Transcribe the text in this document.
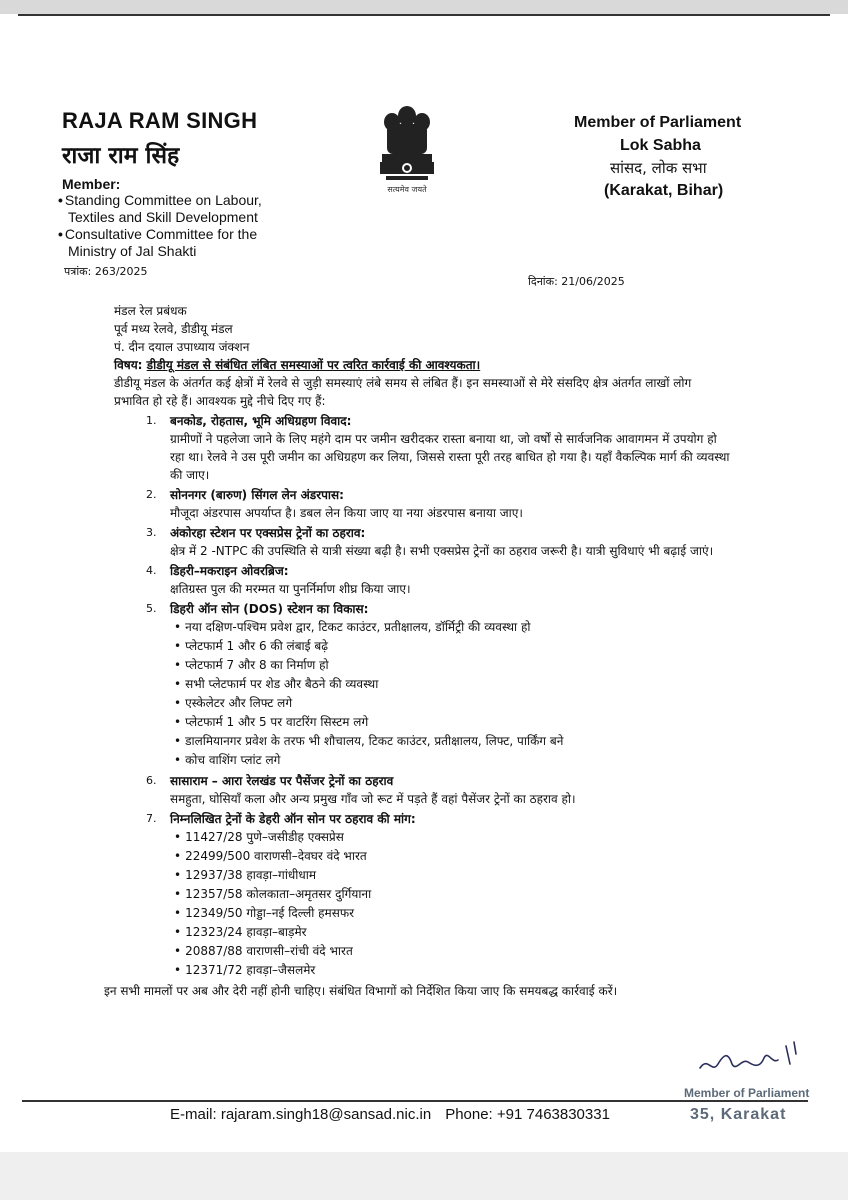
RAJA RAM SINGH
राजा राम सिंह
Member:
• Standing Committee on Labour,
Textiles and Skill Development
• Consultative Committee for the
Ministry of Jal Shakti
सत्यमेव जयते
Member of Parliament
Lok Sabha
सांसद, लोक सभा
(Karakat, Bihar)
पत्रांक: 263/2025
दिनांक: 21/06/2025
मंडल रेल प्रबंधक
पूर्व मध्य रेलवे, डीडीयू मंडल
पं. दीन दयाल उपाध्याय जंक्शन
विषय: डीडीयू मंडल से संबंधित लंबित समस्याओं पर त्वरित कार्रवाई की आवश्यकता।
डीडीयू मंडल के अंतर्गत कई क्षेत्रों में रेलवे से जुड़ी समस्याएं लंबे समय से लंबित हैं। इन समस्याओं से मेरे संसदिए क्षेत्र अंतर्गत लाखों लोग प्रभावित हो रहे हैं। आवश्यक मुद्दे नीचे दिए गए हैं:
1. बनकोड, रोहतास, भूमि अधिग्रहण विवाद:
ग्रामीणों ने पहलेजा जाने के लिए महंगे दाम पर जमीन खरीदकर रास्ता बनाया था, जो वर्षों से सार्वजनिक आवागमन में उपयोग हो रहा था। रेलवे ने उस पूरी जमीन का अधिग्रहण कर लिया, जिससे रास्ता पूरी तरह बाधित हो गया है। यहाँ वैकल्पिक मार्ग की व्यवस्था की जाए।
2. सोननगर (बारुण) सिंगल लेन अंडरपास:
मौजूदा अंडरपास अपर्याप्त है। डबल लेन किया जाए या नया अंडरपास बनाया जाए।
3. अंकोरहा स्टेशन पर एक्सप्रेस ट्रेनों का ठहराव:
क्षेत्र में 2 -NTPC की उपस्थिति से यात्री संख्या बढ़ी है। सभी एक्सप्रेस ट्रेनों का ठहराव जरूरी है। यात्री सुविधाएं भी बढ़ाई जाएं।
4. डिहरी–मकराइन ओवरब्रिज:
क्षतिग्रस्त पुल की मरम्मत या पुनर्निर्माण शीघ्र किया जाए।
5. डिहरी ऑन सोन (DOS) स्टेशन का विकास:
• नया दक्षिण-पश्चिम प्रवेश द्वार, टिकट काउंटर, प्रतीक्षालय, डॉर्मिट्री की व्यवस्था हो
• प्लेटफार्म 1 और 6 की लंबाई बढ़े
• प्लेटफार्म 7 और 8 का निर्माण हो
• सभी प्लेटफार्म पर शेड और बैठने की व्यवस्था
• एस्केलेटर और लिफ्ट लगे
• प्लेटफार्म 1 और 5 पर वाटरिंग सिस्टम लगे
• डालमियानगर प्रवेश के तरफ भी शौचालय, टिकट काउंटर, प्रतीक्षालय, लिफ्ट, पार्किंग बने
• कोच वाशिंग प्लांट लगे
6. सासाराम – आरा रेलखंड पर पैसेंजर ट्रेनों का ठहराव
समहुता, घोसियाँ कला और अन्य प्रमुख गाँव जो रूट में पड़ते हैं वहां पैसेंजर ट्रेनों का ठहराव हो।
7. निम्नलिखित ट्रेनों के डेहरी ऑन सोन पर ठहराव की मांग:
• 11427/28 पुणे–जसीडीह एक्सप्रेस
• 22499/500 वाराणसी–देवघर वंदे भारत
• 12937/38 हावड़ा–गांधीधाम
• 12357/58 कोलकाता–अमृतसर दुर्गियाना
• 12349/50 गोड्डा–नई दिल्ली हमसफर
• 12323/24 हावड़ा–बाड़मेर
• 20887/88 वाराणसी–रांची वंदे भारत
• 12371/72 हावड़ा–जैसलमेर
इन सभी मामलों पर अब और देरी नहीं होनी चाहिए। संबंधित विभागों को निर्देशित किया जाए कि समयबद्ध कार्रवाई करें।
Member of Parliament
35, Karakat
E-mail: rajaram.singh18@sansad.nic.in Phone: +91 7463830331
